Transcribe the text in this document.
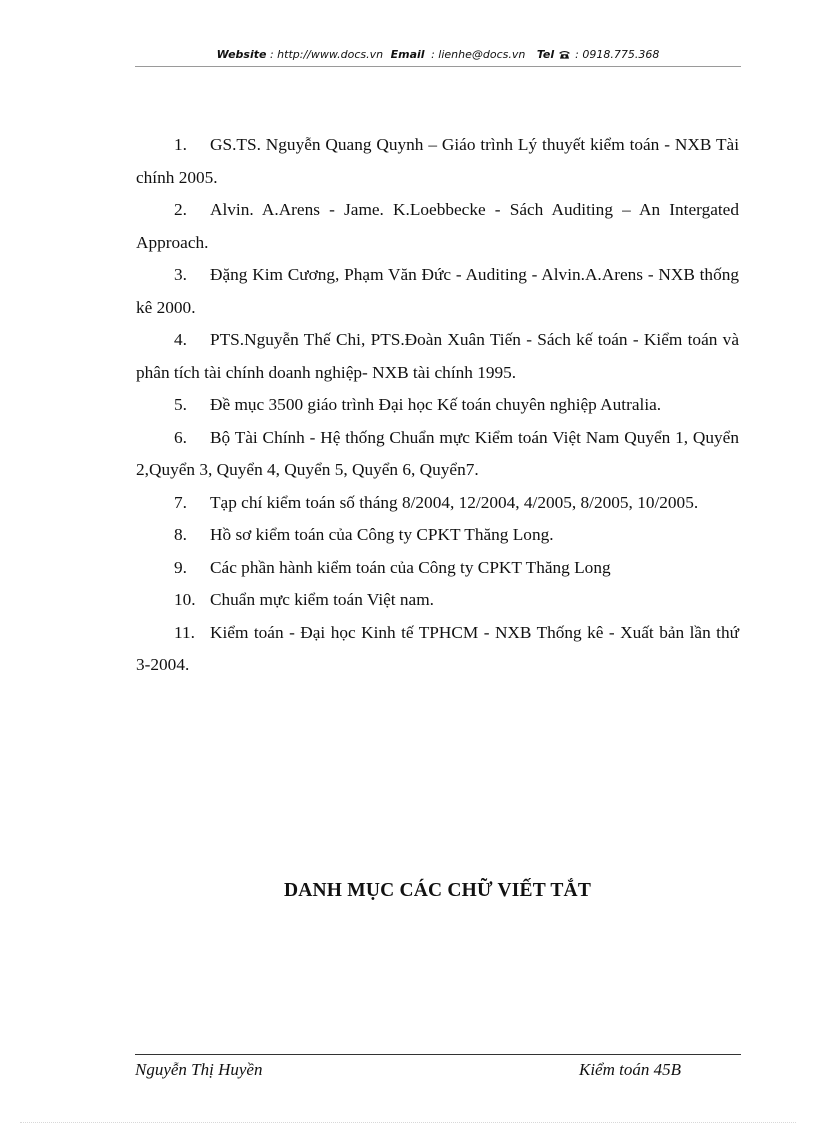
Website : http://www.docs.vn Email : lienhe@docs.vn Tel : 0918.775.368
1. GS.TS. Nguyễn Quang Quynh – Giáo trình Lý thuyết kiểm toán - NXB Tài chính 2005.
2. Alvin. A.Arens - Jame. K.Loebbecke - Sách Auditing – An Intergated Approach.
3. Đặng Kim Cương, Phạm Văn Đức - Auditing - Alvin.A.Arens - NXB thống kê 2000.
4. PTS.Nguyễn Thế Chi, PTS.Đoàn Xuân Tiến - Sách kế toán - Kiểm toán và phân tích tài chính doanh nghiệp- NXB tài chính 1995.
5. Đề mục 3500 giáo trình Đại học Kế toán chuyên nghiệp Autralia.
6. Bộ Tài Chính - Hệ thống Chuẩn mực Kiểm toán Việt Nam Quyển 1, Quyển 2,Quyển 3, Quyển 4, Quyển 5, Quyển 6, Quyển7.
7. Tạp chí kiểm toán số tháng 8/2004, 12/2004, 4/2005, 8/2005, 10/2005.
8. Hồ sơ kiểm toán của Công ty CPKT Thăng Long.
9. Các phần hành kiểm toán của Công ty CPKT Thăng Long
10. Chuẩn mực kiểm toán Việt nam.
11. Kiểm toán - Đại học Kinh tế TPHCM - NXB Thống kê - Xuất bản lần thứ 3-2004.
DANH MỤC CÁC CHỮ VIẾT TẮT
Nguyễn Thị Huyền	Kiểm toán 45B
